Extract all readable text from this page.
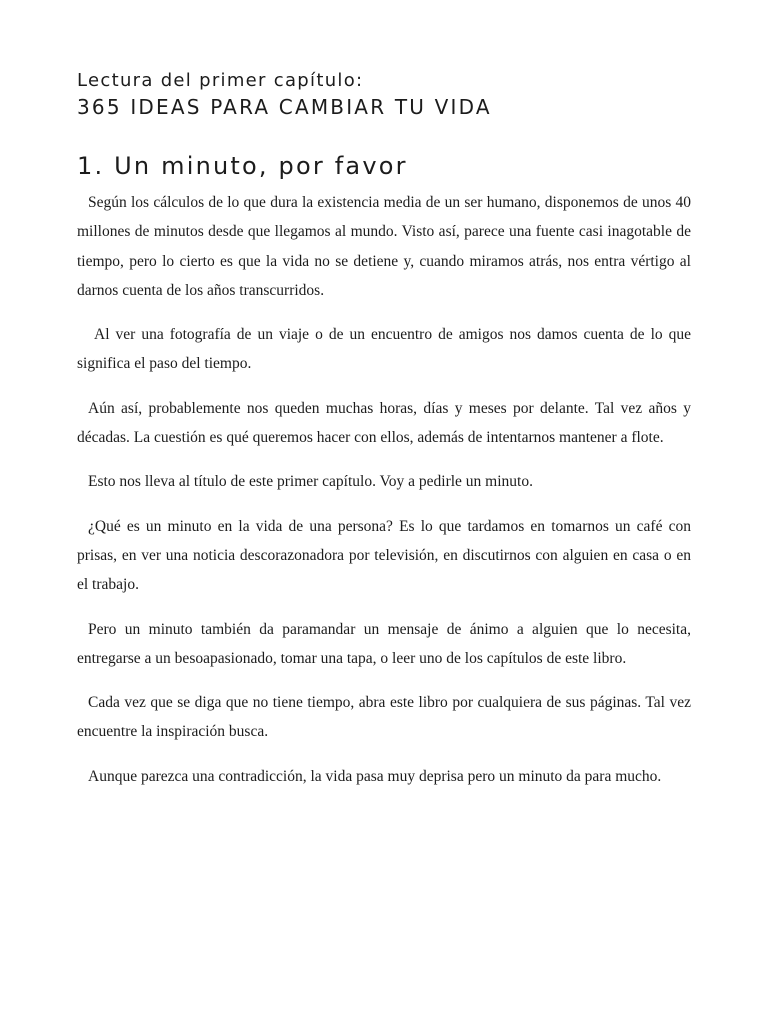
Lectura del primer capítulo:
365 IDEAS PARA CAMBIAR TU VIDA
1. Un minuto, por favor

Según los cálculos de lo que dura la existencia media de un ser humano, disponemos de unos 40 millones de minutos desde que llegamos al mundo. Visto así, parece una fuente casi inagotable de tiempo, pero lo cierto es que la vida no se detiene y, cuando miramos atrás, nos entra vértigo al darnos cuenta de los años transcurridos.

Al ver una fotografía de un viaje o de un encuentro de amigos nos damos cuenta de lo que significa el paso del tiempo.

Aún así, probablemente nos queden muchas horas, días y meses por delante. Tal vez años y décadas. La cuestión es qué queremos hacer con ellos, además de intentarnos mantener a flote.

Esto nos lleva al título de este primer capítulo. Voy a pedirle un minuto.

¿Qué es un minuto en la vida de una persona? Es lo que tardamos en tomarnos un café con prisas, en ver una noticia descorazonadora por televisión, en discutirnos con alguien en casa o en el trabajo.

Pero un minuto también da paramandar un mensaje de ánimo a alguien que lo necesita, entregarse a un besoapasionado, tomar una tapa, o leer uno de los capítulos de este libro.

Cada vez que se diga que no tiene tiempo, abra este libro por cualquiera de sus páginas. Tal vez encuentre la inspiración busca.

Aunque parezca una contradicción, la vida pasa muy deprisa pero un minuto da para mucho.
